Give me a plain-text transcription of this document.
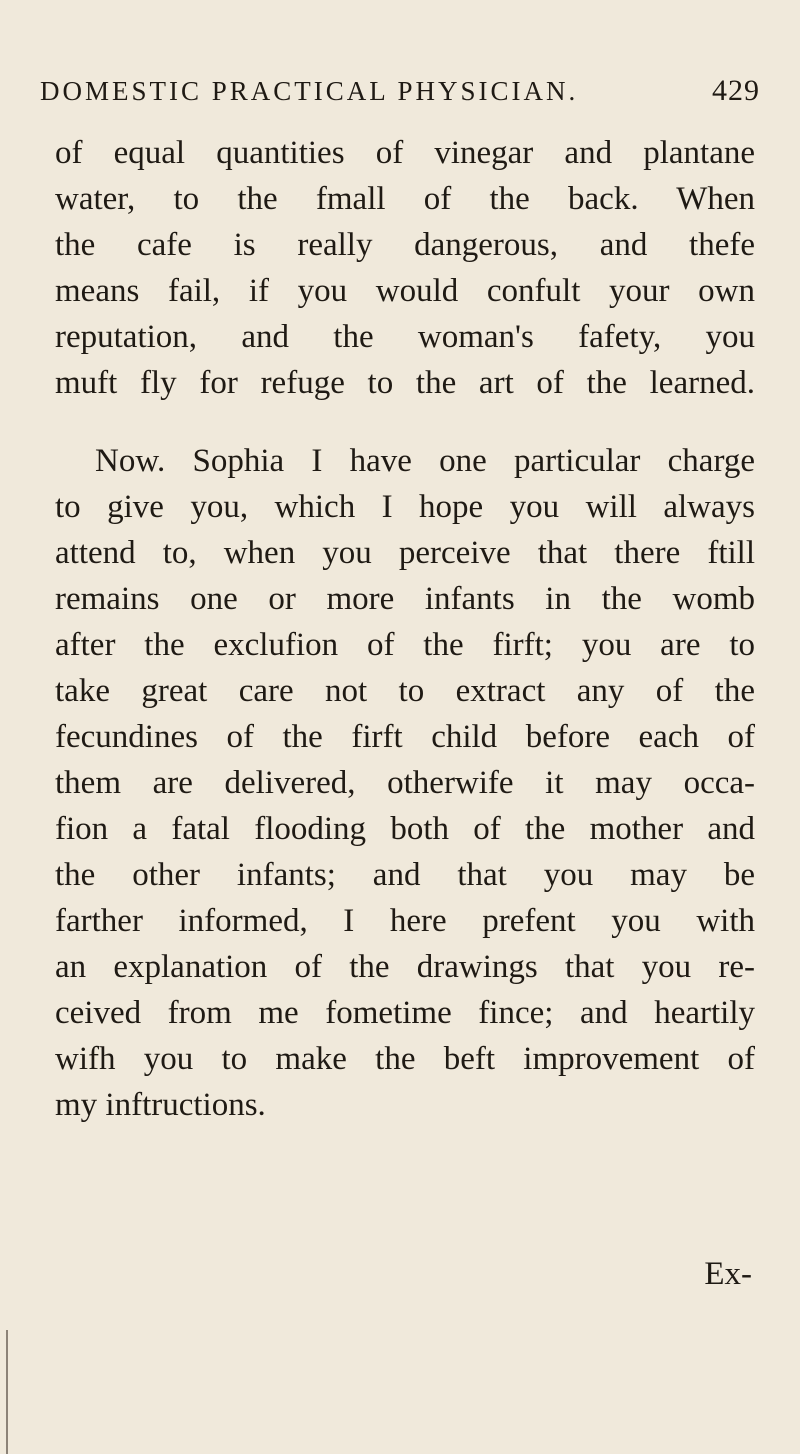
DOMESTIC PRACTICAL PHYSICIAN.	429
of equal quantities of vinegar and plantane
water, to the fmall of the back. When
the cafe is really dangerous, and thefe
means fail, if you would confult your own
reputation, and the woman's fafety, you
muft fly for refuge to the art of the learned.
Now. Sophia I have one particular charge
to give you, which I hope you will always
attend to, when you perceive that there ftill
remains one or more infants in the womb
after the exclufion of the firft; you are to
take great care not to extract any of the
fecundines of the firft child before each of
them are delivered, otherwife it may occa-
fion a fatal flooding both of the mother and
the other infants; and that you may be
farther informed, I here prefent you with
an explanation of the drawings that you re-
ceived from me fometime fince; and heartily
wifh you to make the beft improvement of
my inftructions.
Ex-
